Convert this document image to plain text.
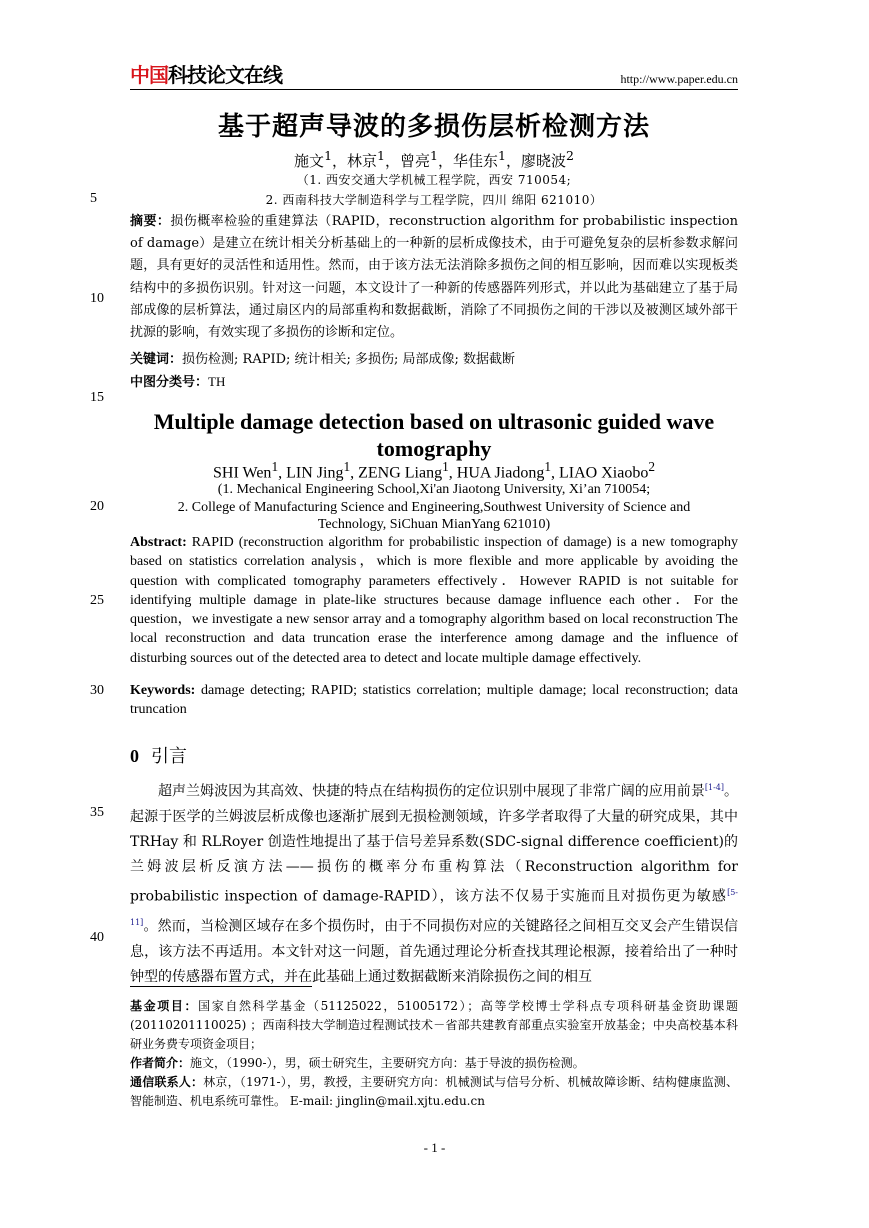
中国科技论文在线	http://www.paper.edu.cn
5
10
15
20
25
30
35
40
基于超声导波的多损伤层析检测方法
施文$^1$，林京$^1$，曾亮$^1$，华佳东$^1$，廖晓波$^2$
（1. 西安交通大学机械工程学院，西安 710054;
2. 西南科技大学制造科学与工程学院，四川 绵阳 621010）
摘要：损伤概率检验的重建算法（RAPID，reconstruction algorithm for probabilistic inspection of damage）是建立在统计相关分析基础上的一种新的层析成像技术，由于可避免复杂的层析参数求解问题，具有更好的灵活性和适用性。然而，由于该方法无法消除多损伤之间的相互影响，因而难以实现板类结构中的多损伤识别。针对这一问题，本文设计了一种新的传感器阵列形式，并以此为基础建立了基于局部成像的层析算法，通过扇区内的局部重构和数据截断，消除了不同损伤之间的干涉以及被测区域外部干扰源的影响，有效实现了多损伤的诊断和定位。
关键词：损伤检测; RAPID; 统计相关; 多损伤; 局部成像; 数据截断
中图分类号：TH
Multiple damage detection based on ultrasonic guided wave
tomography
SHI Wen$^1$, LIN Jing$^1$, ZENG Liang$^1$, HUA Jiadong$^1$, LIAO Xiaobo$^2$
(1. Mechanical Engineering School,Xi'an Jiaotong University, Xi’an 710054;
2. College of Manufacturing Science and Engineering,Southwest University of Science and
Technology, SiChuan MianYang 621010)
Abstract: RAPID (reconstruction algorithm for probabilistic inspection of damage) is a new tomography based on statistics correlation analysis，which is more flexible and more applicable by avoiding the question with complicated tomography parameters effectively．However RAPID is not suitable for identifying multiple damage in plate-like structures because damage influence each other．For the question，we investigate a new sensor array and a tomography algorithm based on local reconstruction The local reconstruction and data truncation erase the interference among damage and the influence of disturbing sources out of the detected area to detect and locate multiple damage effectively.
Keywords: damage detecting; RAPID; statistics correlation; multiple damage; local reconstruction; data truncation
0 引言
超声兰姆波因为其高效、快捷的特点在结构损伤的定位识别中展现了非常广阔的应用前景[1-4]。起源于医学的兰姆波层析成像也逐渐扩展到无损检测领域，许多学者取得了大量的研究成果，其中 TRHay 和 RLRoyer 创造性地提出了基于信号差异系数(SDC-signal difference coefficient)的兰姆波层析反演方法——损伤的概率分布重构算法（Reconstruction algorithm for probabilistic inspection of damage-RAPID），该方法不仅易于实施而且对损伤更为敏感[5-11]。然而，当检测区域存在多个损伤时，由于不同损伤对应的关键路径之间相互交叉会产生错误信息，该方法不再适用。本文针对这一问题，首先通过理论分析查找其理论根源，接着给出了一种时钟型的传感器布置方式，并在此基础上通过数据截断来消除损伤之间的相互

基金项目：国家自然科学基金（51125022，51005172）；高等学校博士学科点专项科研基金资助课题(20110201110025) ；西南科技大学制造过程测试技术－省部共建教育部重点实验室开放基金；中央高校基本科研业务费专项资金项目；

作者简介：施文，（1990-），男，硕士研究生，主要研究方向：基于导波的损伤检测。

通信联系人：林京，（1971-），男，教授，主要研究方向：机械测试与信号分析、机械故障诊断、结构健康监测、智能制造、机电系统可靠性。 E-mail: jinglin@mail.xjtu.edu.cn

- 1 -
